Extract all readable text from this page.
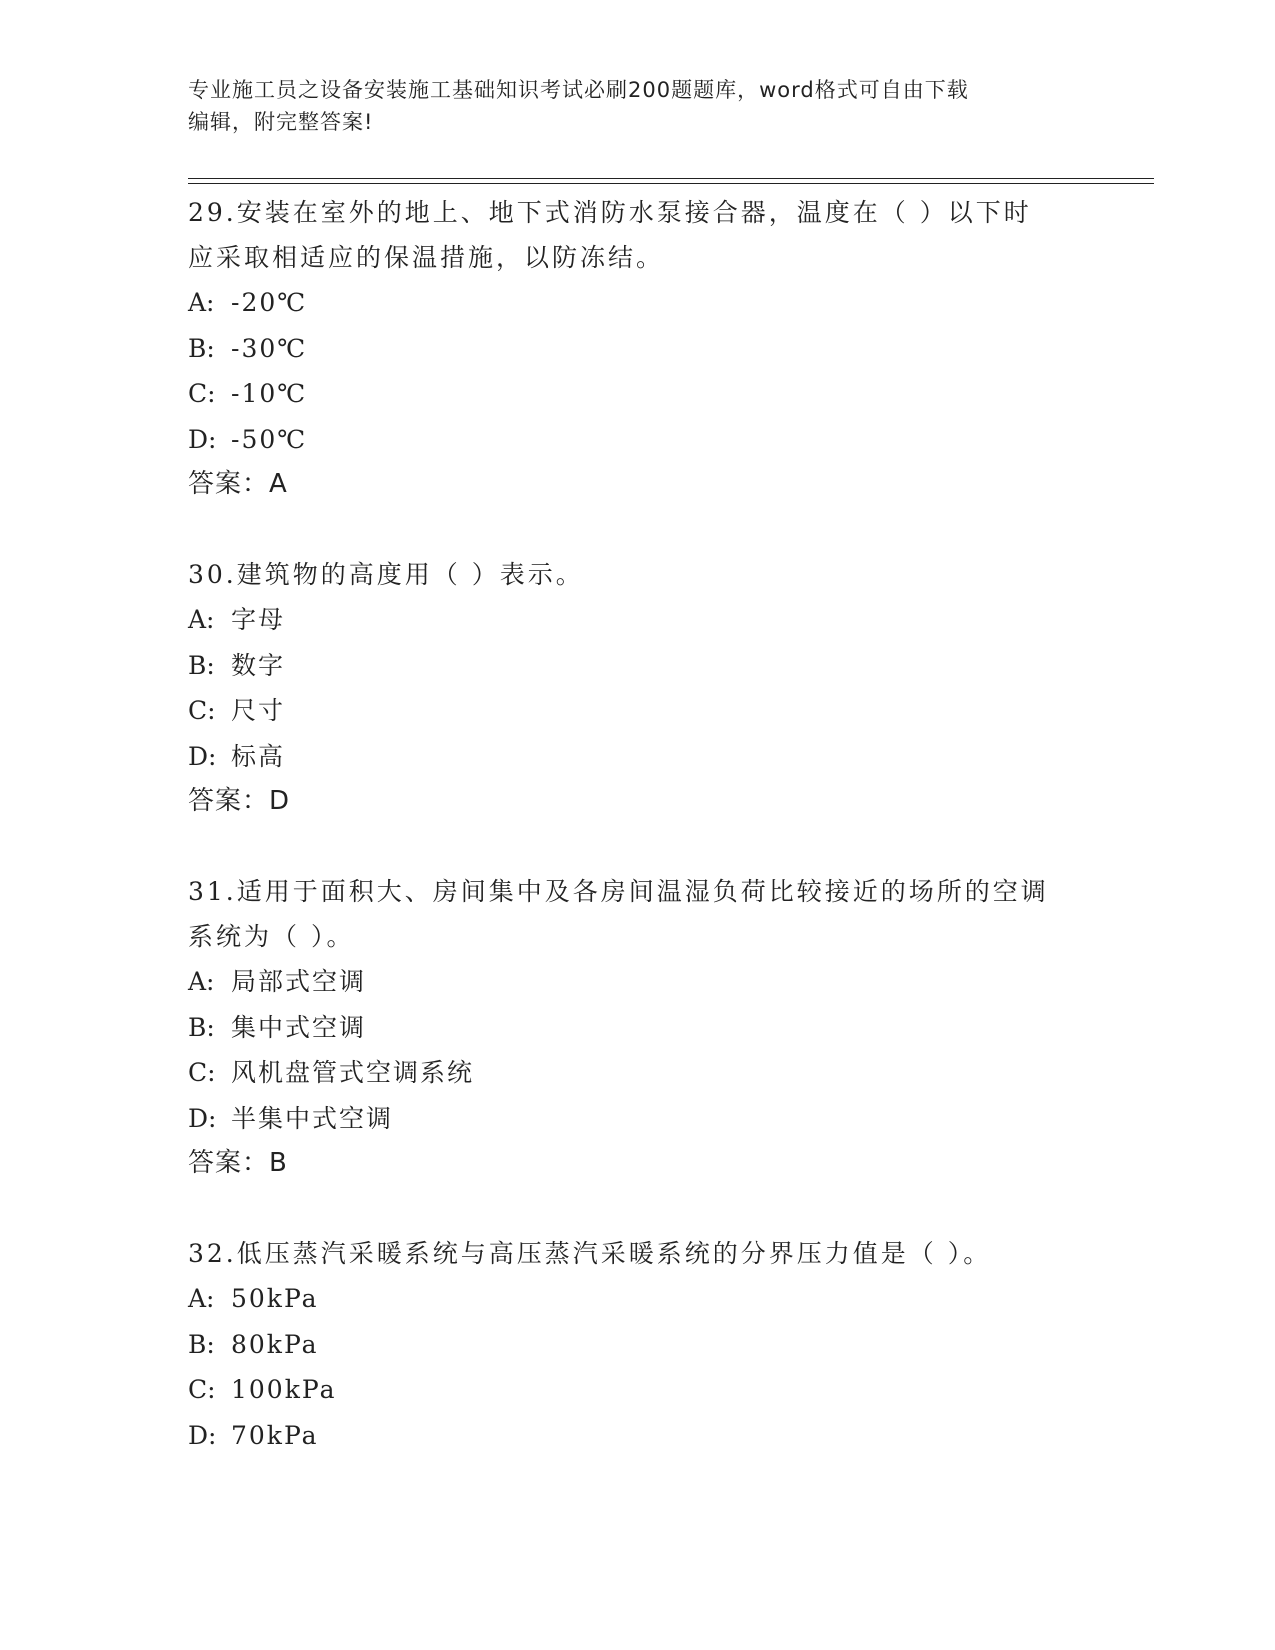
专业施工员之设备安装施工基础知识考试必刷200题题库，word格式可自由下载
编辑，附完整答案!

29.安装在室外的地上、地下式消防水泵接合器，温度在（ ）以下时

应采取相适应的保温措施，以防冻结。

A: -20℃

B: -30℃

C: -10℃

D: -50℃

答案：A

30.建筑物的高度用（ ）表示。

A: 字母

B: 数字

C: 尺寸

D: 标高

答案：D

31.适用于面积大、房间集中及各房间温湿负荷比较接近的场所的空调

系统为（ ）。

A: 局部式空调

B: 集中式空调

C: 风机盘管式空调系统

D: 半集中式空调

答案：B

32.低压蒸汽采暖系统与高压蒸汽采暖系统的分界压力值是（ ）。

A: 50kPa

B: 80kPa

C: 100kPa

D: 70kPa
